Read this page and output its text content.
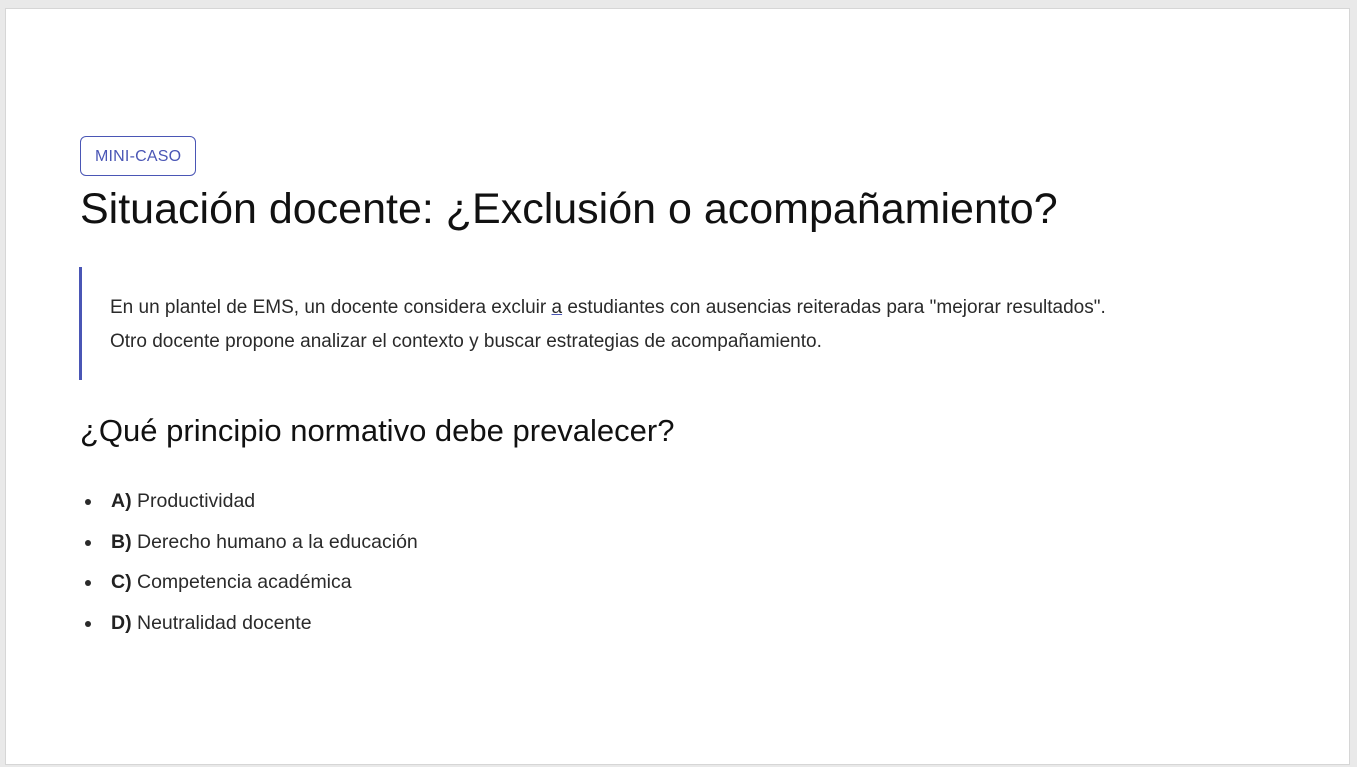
MINI-CASO
Situación docente: ¿Exclusión o acompañamiento?

En un plantel de EMS, un docente considera excluir a estudiantes con ausencias reiteradas para "mejorar resultados".

Otro docente propone analizar el contexto y buscar estrategias de acompañamiento.

¿Qué principio normativo debe prevalecer?
A) Productividad
B) Derecho humano a la educación
C) Competencia académica
D) Neutralidad docente
